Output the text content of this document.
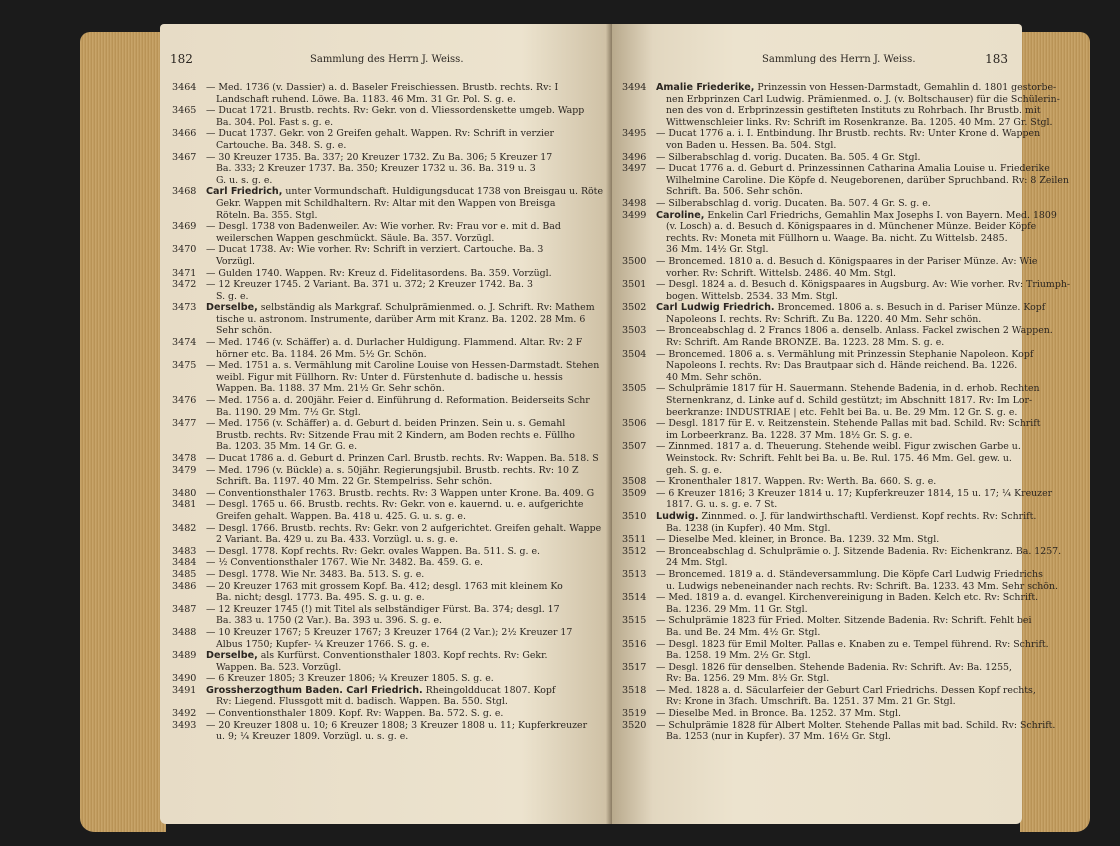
182	Sammlung des Herrn J. Weiss.
3464 — Med. 1736 (v. Dassier) a. d. Baseler Freischiessen. Brustb. rechts. Rv: I
Landschaft ruhend. Löwe. Ba. 1183. 46 Mm. 31 Gr. Pol. S. g. e.
3465 — Ducat 1721. Brustb. rechts. Rv: Gekr. von d. Vliessordenskette umgeb. Wapp
Ba. 304. Pol. Fast s. g. e.
3466 — Ducat 1737. Gekr. von 2 Greifen gehalt. Wappen. Rv: Schrift in verzier
Cartouche. Ba. 348. S. g. e.
3467 — 30 Kreuzer 1735. Ba. 337; 20 Kreuzer 1732. Zu Ba. 306; 5 Kreuzer 17
Ba. 333; 2 Kreuzer 1737. Ba. 350; Kreuzer 1732 u. 36. Ba. 319 u. 3
G. u. s. g. e.
3468 Carl Friedrich, unter Vormundschaft. Huldigungsducat 1738 von Breisgau u. Röte
Gekr. Wappen mit Schildhaltern. Rv: Altar mit den Wappen von Breisga
Röteln. Ba. 355. Stgl.
3469 — Desgl. 1738 von Badenweiler. Av: Wie vorher. Rv: Frau vor e. mit d. Bad
weilerschen Wappen geschmückt. Säule. Ba. 357. Vorzügl.
3470 — Ducat 1738. Av: Wie vorher. Rv: Schrift in verziert. Cartouche. Ba. 3
Vorzügl.
3471 — Gulden 1740. Wappen. Rv: Kreuz d. Fidelitasordens. Ba. 359. Vorzügl.
3472 — 12 Kreuzer 1745. 2 Variant. Ba. 371 u. 372; 2 Kreuzer 1742. Ba. 3
S. g. e.
3473 Derselbe, selbständig als Markgraf. Schulprämienmed. o. J. Schrift. Rv: Mathem
tische u. astronom. Instrumente, darüber Arm mit Kranz. Ba. 1202. 28 Mm. 6
Sehr schön.
3474 — Med. 1746 (v. Schäffer) a. d. Durlacher Huldigung. Flammend. Altar. Rv: 2 F
hörner etc. Ba. 1184. 26 Mm. 5½ Gr. Schön.
3475 — Med. 1751 a. s. Vermählung mit Caroline Louise von Hessen-Darmstadt. Stehen
weibl. Figur mit Füllhorn. Rv: Unter d. Fürstenhute d. badische u. hessis
Wappen. Ba. 1188. 37 Mm. 21½ Gr. Sehr schön.
3476 — Med. 1756 a. d. 200jähr. Feier d. Einführung d. Reformation. Beiderseits Schr
Ba. 1190. 29 Mm. 7½ Gr. Stgl.
3477 — Med. 1756 (v. Schäffer) a. d. Geburt d. beiden Prinzen. Sein u. s. Gemahl
Brustb. rechts. Rv: Sitzende Frau mit 2 Kindern, am Boden rechts e. Füllho
Ba. 1203. 35 Mm. 14 Gr. G. e.
3478 — Ducat 1786 a. d. Geburt d. Prinzen Carl. Brustb. rechts. Rv: Wappen. Ba. 518. S
3479 — Med. 1796 (v. Bückle) a. s. 50jähr. Regierungsjubil. Brustb. rechts. Rv: 10 Z
Schrift. Ba. 1197. 40 Mm. 22 Gr. Stempelriss. Sehr schön.
3480 — Conventionsthaler 1763. Brustb. rechts. Rv: 3 Wappen unter Krone. Ba. 409. G
3481 — Desgl. 1765 u. 66. Brustb. rechts. Rv: Gekr. von e. kauernd. u. e. aufgerichte
Greifen gehalt. Wappen. Ba. 418 u. 425. G. u. s. g. e.
3482 — Desgl. 1766. Brustb. rechts. Rv: Gekr. von 2 aufgerichtet. Greifen gehalt. Wappe
2 Variant. Ba. 429 u. zu Ba. 433. Vorzügl. u. s. g. e.
3483 — Desgl. 1778. Kopf rechts. Rv: Gekr. ovales Wappen. Ba. 511. S. g. e.
3484 — ½ Conventionsthaler 1767. Wie Nr. 3482. Ba. 459. G. e.
3485 — Desgl. 1778. Wie Nr. 3483. Ba. 513. S. g. e.
3486 — 20 Kreuzer 1763 mit grossem Kopf. Ba. 412; desgl. 1763 mit kleinem Ko
Ba. nicht; desgl. 1773. Ba. 495. S. g. u. g. e.
3487 — 12 Kreuzer 1745 (!) mit Titel als selbständiger Fürst. Ba. 374; desgl. 17
Ba. 383 u. 1750 (2 Var.). Ba. 393 u. 396. S. g. e.
3488 — 10 Kreuzer 1767; 5 Kreuzer 1767; 3 Kreuzer 1764 (2 Var.); 2½ Kreuzer 17
Albus 1750; Kupfer- ¼ Kreuzer 1766. S. g. e.
3489 Derselbe, als Kurfürst. Conventionsthaler 1803. Kopf rechts. Rv: Gekr.
Wappen. Ba. 523. Vorzügl.
3490 — 6 Kreuzer 1805; 3 Kreuzer 1806; ¼ Kreuzer 1805. S. g. e.
3491 Grossherzogthum Baden. Carl Friedrich. Rheingoldducat 1807. Kopf
Rv: Liegend. Flussgott mit d. badisch. Wappen. Ba. 550. Stgl.
3492 — Conventionsthaler 1809. Kopf. Rv: Wappen. Ba. 572. S. g. e.
3493 — 20 Kreuzer 1808 u. 10; 6 Kreuzer 1808; 3 Kreuzer 1808 u. 11; Kupferkreuzer
u. 9; ¼ Kreuzer 1809. Vorzügl. u. s. g. e.
Sammlung des Herrn J. Weiss.	183
3494 Amalie Friederike, Prinzessin von Hessen-Darmstadt, Gemahlin d. 1801 gestorbe-
nen Erbprinzen Carl Ludwig. Prämienmed. o. J. (v. Boltschauser) für die Schülerin-
nen des von d. Erbprinzessin gestifteten Instituts zu Rohrbach. Ihr Brustb. mit
Wittwenschleier links. Rv: Schrift im Rosenkranze. Ba. 1205. 40 Mm. 27 Gr. Stgl.
3495 — Ducat 1776 a. i. I. Entbindung. Ihr Brustb. rechts. Rv: Unter Krone d. Wappen
von Baden u. Hessen. Ba. 504. Stgl.
3496 — Silberabschlag d. vorig. Ducaten. Ba. 505. 4 Gr. Stgl.
3497 — Ducat 1776 a. d. Geburt d. Prinzessinnen Catharina Amalia Louise u. Friederike
Wilhelmine Caroline. Die Köpfe d. Neugeborenen, darüber Spruchband. Rv: 8 Zeilen
Schrift. Ba. 506. Sehr schön.
3498 — Silberabschlag d. vorig. Ducaten. Ba. 507. 4 Gr. S. g. e.
3499 Caroline, Enkelin Carl Friedrichs, Gemahlin Max Josephs I. von Bayern. Med. 1809
(v. Losch) a. d. Besuch d. Königspaares in d. Münchener Münze. Beider Köpfe
rechts. Rv: Moneta mit Füllhorn u. Waage. Ba. nicht. Zu Wittelsb. 2485.
36 Mm. 14½ Gr. Stgl.
3500 — Broncemed. 1810 a. d. Besuch d. Königspaares in der Pariser Münze. Av: Wie
vorher. Rv: Schrift. Wittelsb. 2486. 40 Mm. Stgl.
3501 — Desgl. 1824 a. d. Besuch d. Königspaares in Augsburg. Av: Wie vorher. Rv: Triumph-
bogen. Wittelsb. 2534. 33 Mm. Stgl.
3502 Carl Ludwig Friedrich. Broncemed. 1806 a. s. Besuch in d. Pariser Münze. Kopf
Napoleons I. rechts. Rv: Schrift. Zu Ba. 1220. 40 Mm. Sehr schön.
3503 — Bronceabschlag d. 2 Francs 1806 a. denselb. Anlass. Fackel zwischen 2 Wappen.
Rv: Schrift. Am Rande BRONZE. Ba. 1223. 28 Mm. S. g. e.
3504 — Broncemed. 1806 a. s. Vermählung mit Prinzessin Stephanie Napoleon. Kopf
Napoleons I. rechts. Rv: Das Brautpaar sich d. Hände reichend. Ba. 1226.
40 Mm. Sehr schön.
3505 — Schulprämie 1817 für H. Sauermann. Stehende Badenia, in d. erhob. Rechten
Sternenkranz, d. Linke auf d. Schild gestützt; im Abschnitt 1817. Rv: Im Lor-
beerkranze: INDUSTRIAE | etc. Fehlt bei Ba. u. Be. 29 Mm. 12 Gr. S. g. e.
3506 — Desgl. 1817 für E. v. Reitzenstein. Stehende Pallas mit bad. Schild. Rv: Schrift
im Lorbeerkranz. Ba. 1228. 37 Mm. 18½ Gr. S. g. e.
3507 — Zinnmed. 1817 a. d. Theuerung. Stehende weibl. Figur zwischen Garbe u.
Weinstock. Rv: Schrift. Fehlt bei Ba. u. Be. Rul. 175. 46 Mm. Gel. gew. u.
geh. S. g. e.
3508 — Kronenthaler 1817. Wappen. Rv: Werth. Ba. 660. S. g. e.
3509 — 6 Kreuzer 1816; 3 Kreuzer 1814 u. 17; Kupferkreuzer 1814, 15 u. 17; ¼ Kreuzer
1817. G. u. s. g. e. 7 St.
3510 Ludwig. Zinnmed. o. J. für landwirthschaftl. Verdienst. Kopf rechts. Rv: Schrift.
Ba. 1238 (in Kupfer). 40 Mm. Stgl.
3511 — Dieselbe Med. kleiner, in Bronce. Ba. 1239. 32 Mm. Stgl.
3512 — Bronceabschlag d. Schulprämie o. J. Sitzende Badenia. Rv: Eichenkranz. Ba. 1257.
24 Mm. Stgl.
3513 — Broncemed. 1819 a. d. Ständeversammlung. Die Köpfe Carl Ludwig Friedrichs
u. Ludwigs nebeneinander nach rechts. Rv: Schrift. Ba. 1233. 43 Mm. Sehr schön.
3514 — Med. 1819 a. d. evangel. Kirchenvereinigung in Baden. Kelch etc. Rv: Schrift.
Ba. 1236. 29 Mm. 11 Gr. Stgl.
3515 — Schulprämie 1823 für Fried. Molter. Sitzende Badenia. Rv: Schrift. Fehlt bei
Ba. und Be. 24 Mm. 4½ Gr. Stgl.
3516 — Desgl. 1823 für Emil Molter. Pallas e. Knaben zu e. Tempel führend. Rv: Schrift.
Ba. 1258. 19 Mm. 2½ Gr. Stgl.
3517 — Desgl. 1826 für denselben. Stehende Badenia. Rv: Schrift. Av: Ba. 1255,
Rv: Ba. 1256. 29 Mm. 8½ Gr. Stgl.
3518 — Med. 1828 a. d. Säcularfeier der Geburt Carl Friedrichs. Dessen Kopf rechts,
Rv: Krone in 3fach. Umschrift. Ba. 1251. 37 Mm. 21 Gr. Stgl.
3519 — Dieselbe Med. in Bronce. Ba. 1252. 37 Mm. Stgl.
3520 — Schulprämie 1828 für Albert Molter. Stehende Pallas mit bad. Schild. Rv: Schrift.
Ba. 1253 (nur in Kupfer). 37 Mm. 16½ Gr. Stgl.
